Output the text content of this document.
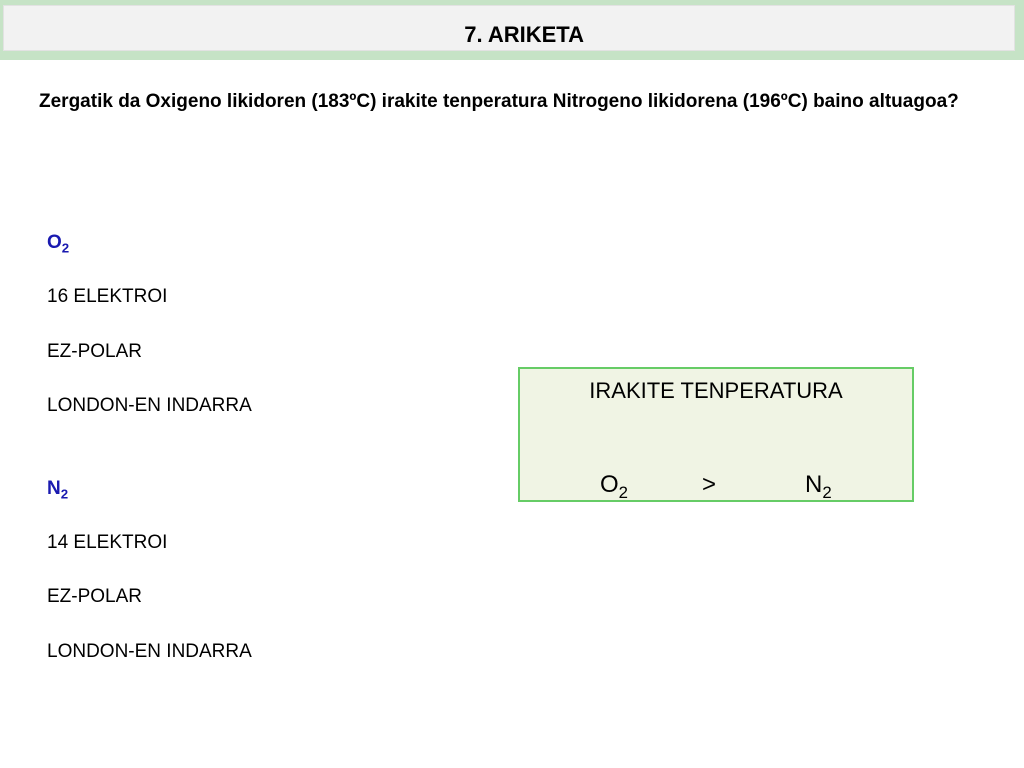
7. ARIKETA
Zergatik da Oxigeno likidoren (183ºC) irakite tenperatura Nitrogeno likidorena (196ºC) baino altuagoa?
$O_2$
16 ELEKTROI
EZ-POLAR
LONDON-EN INDARRA
$N_2$
14 ELEKTROI
EZ-POLAR
LONDON-EN INDARRA
IRAKITE TENPERATURA
$O_2$	>	$N_2$
